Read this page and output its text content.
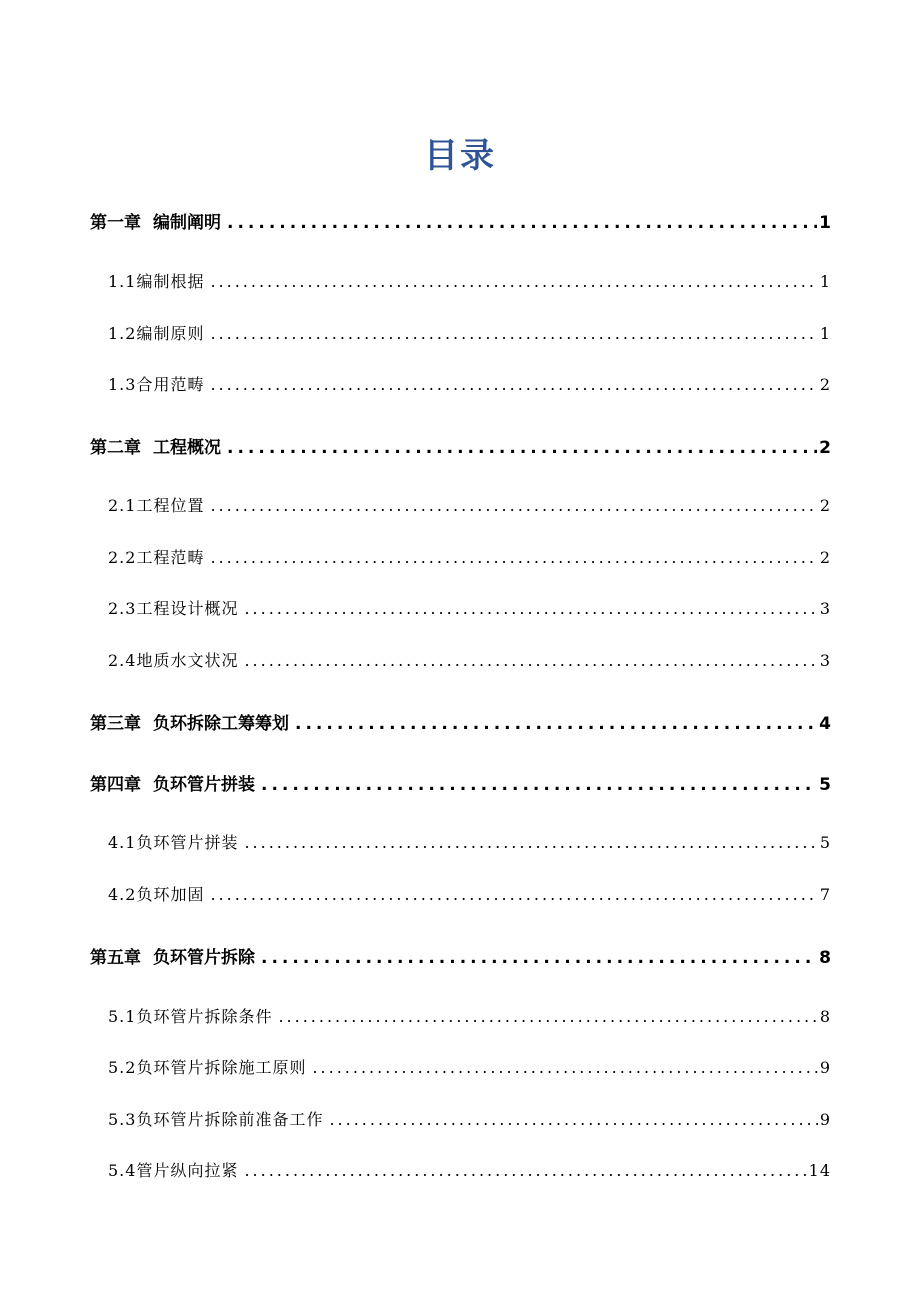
目录
第一章 编制阐明 .....	1
1.1编制根据 .....	1
1.2编制原则 .....	1
1.3合用范畴 .....	2
第二章 工程概况 .....	2
2.1工程位置 .....	2
2.2工程范畴 .....	2
2.3工程设计概况 .....	3
2.4地质水文状况 .....	3
第三章 负环拆除工筹筹划 .....	4
第四章 负环管片拼装 .....	5
4.1负环管片拼装 .....	5
4.2负环加固 .....	7
第五章 负环管片拆除 .....	8
5.1负环管片拆除条件 .....	8
5.2负环管片拆除施工原则 .....	9
5.3负环管片拆除前准备工作 .....	9
5.4管片纵向拉紧 .....	14
